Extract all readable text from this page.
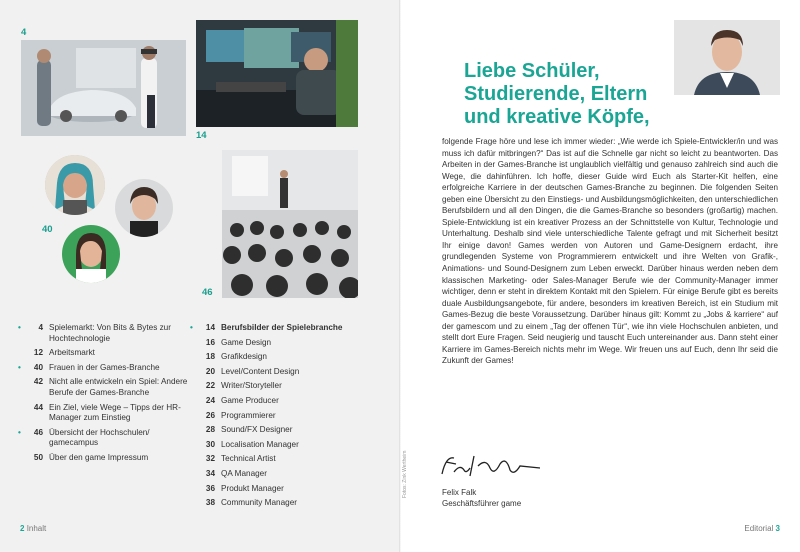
4
14
40
46
•	4 Spielemarkt: Von Bits & Bytes zur Hochtechnologie
12 Arbeitsmarkt
•	40 Frauen in der Games-Branche
42 Nicht alle entwickeln ein Spiel: Andere Berufe der Games-Branche
44 Ein Ziel, viele Wege – Tipps der HR-Manager zum Einstieg
•	46 Übersicht der Hochschulen/ gamecampus
50 Über den game Impressum
•	14 Berufsbilder der Spielebranche
16 Game Design
18 Grafikdesign
20 Level/Content Design
22 Writer/Storyteller
24 Game Producer
26 Programmierer
28 Sound/FX Designer
30 Localisation Manager
32 Technical Artist
34 QA Manager
36 Produkt Manager
38 Community Manager
Fotos: Zink Wertheim
2 Inhalt
Liebe Schüler,
Studierende, Eltern
und kreative Köpfe,
folgende Frage höre und lese ich immer wieder: „Wie werde ich Spiele-Entwickler/in und was muss ich dafür mitbringen?“ Das ist auf die Schnelle gar nicht so leicht zu beantworten. Das Arbeiten in der Games-Branche ist unglaublich vielfältig und genauso zahlreich sind auch die Wege, die dahinführen. Ich hoffe, dieser Guide wird Euch als Starter-Kit helfen, eine erfolgreiche Karriere in der deutschen Games-Branche zu beginnen. Die folgenden Seiten geben eine Übersicht zu den Einstiegs- und Ausbildungsmöglichkeiten, den unterschiedlichen Berufsbildern und all den Dingen, die die Games-Branche so besonders (großartig) machen. Spiele-Entwicklung ist ein kreativer Prozess an der Schnittstelle von Kultur, Technologie und Unterhaltung. Deshalb sind viele unterschiedliche Talente gefragt und mit Sicherheit besitzt Ihr einige davon! Games werden von Autoren und Game-Designern erdacht, ihre grundlegenden Systeme von Programmierern entwickelt und ihre Welten von Grafik-, Animations- und Sound-Designern zum Leben erweckt. Darüber hinaus werden neben dem klassischen Marketing- oder Sales-Manager Berufe wie der Community-Manager immer wichtiger, denn er steht in direktem Kontakt mit den Spielern. Für einige Berufe gibt es bereits duale Ausbildungsangebote, für andere, besonders im kreativen Bereich, ist ein Studium mit Games-Bezug die beste Voraussetzung. Darüber hinaus gilt: Kommt zu „Jobs & karriere“ auf der gamescom und zu einem „Tag der offenen Tür“, wie ihn viele Hochschulen anbieten, und stellt dort Eure Fragen. Seid neugierig und tauscht Euch untereinander aus. Dann steht einer Karriere im Games-Bereich nichts mehr im Wege. Wir freuen uns auf Euch, denn Ihr seid die Zukunft der Games!
Felix Falk
Geschäftsführer game
Editorial 3
